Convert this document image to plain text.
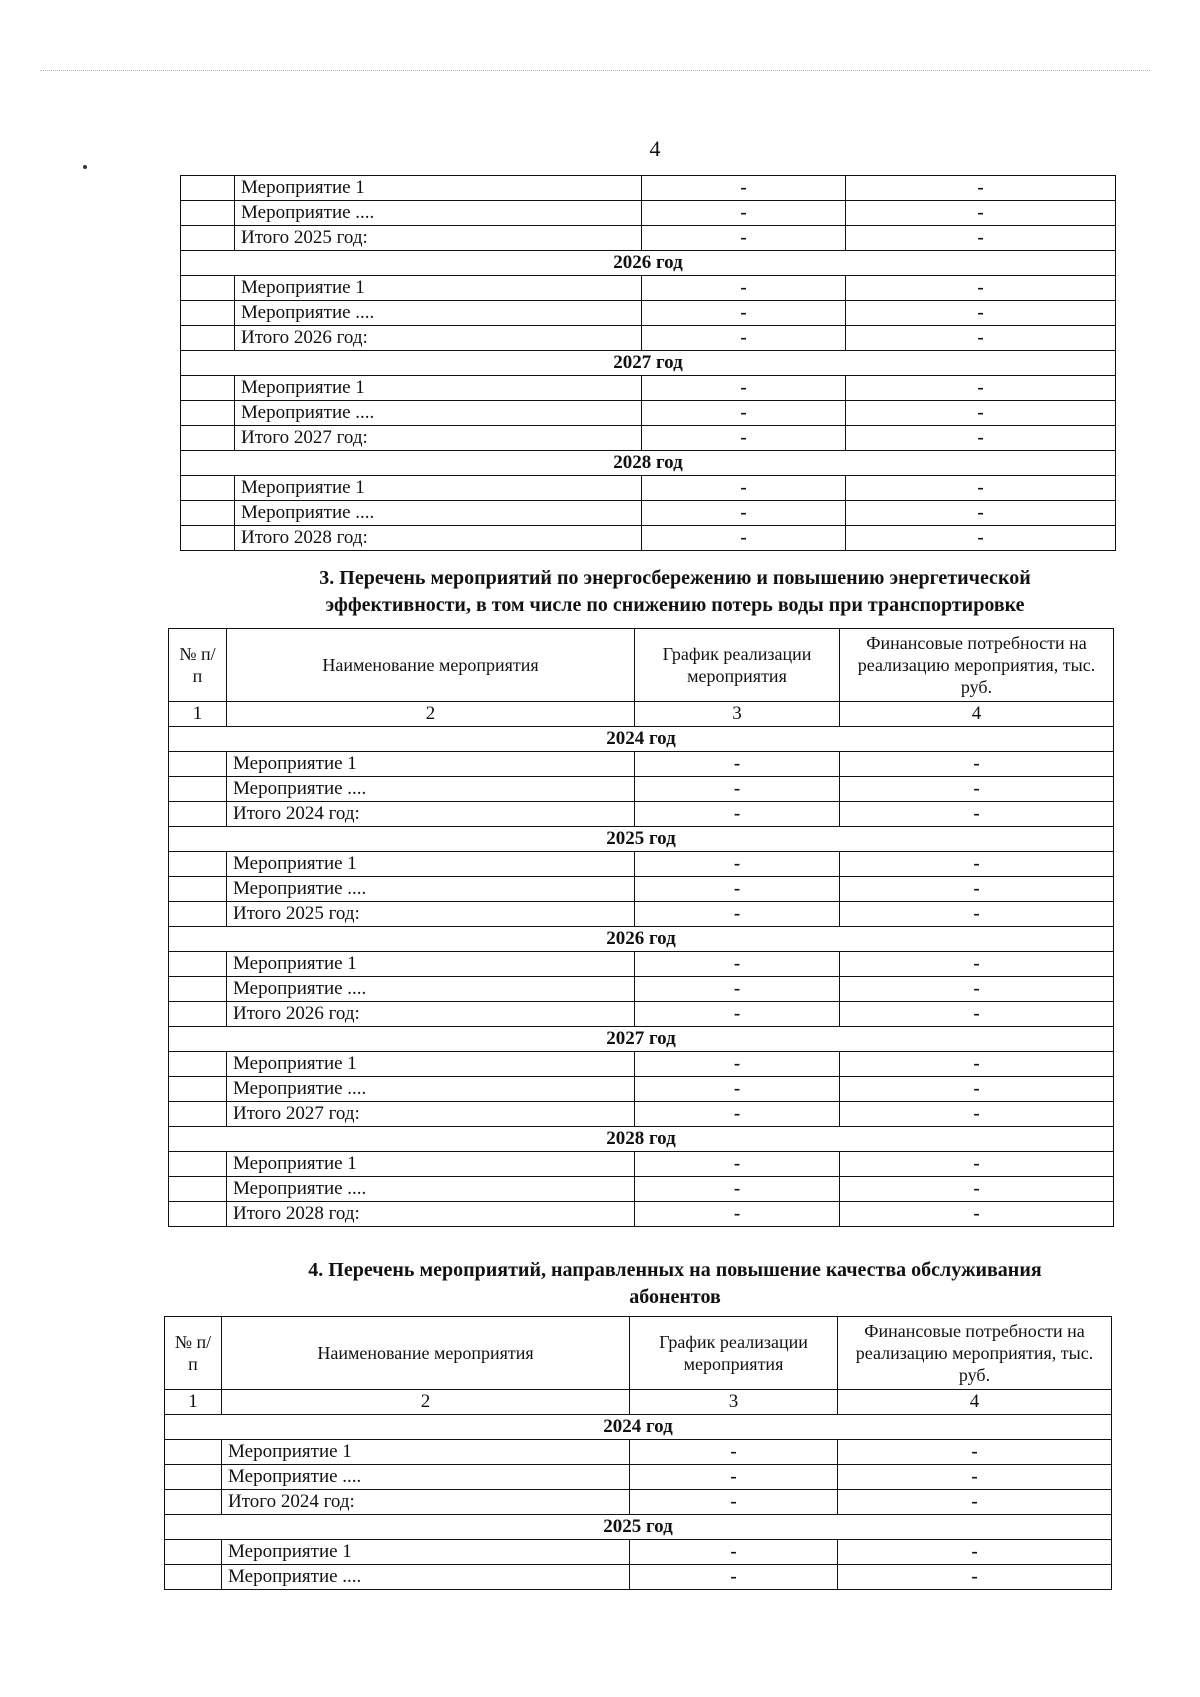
4
	Мероприятие 1	-	-
	Мероприятие ....	-	-
	Итого 2025 год:	-	-
2026 год			
	Мероприятие 1	-	-
	Мероприятие ....	-	-
	Итого 2026 год:	-	-
2027 год			
	Мероприятие 1	-	-
	Мероприятие ....	-	-
	Итого 2027 год:	-	-
2028 год			
	Мероприятие 1	-	-
	Мероприятие ....	-	-
	Итого 2028 год:	-	-
3. Перечень мероприятий по энергосбережению и повышению энергетической
эффективности, в том числе по снижению потерь воды при транспортировке
№ п/п	Наименование мероприятия	График реализации мероприятия	Финансовые потребности на реализацию мероприятия, тыс. руб.
1	2	3	4
2024 год			
	Мероприятие 1	-	-
	Мероприятие ....	-	-
	Итого 2024 год:	-	-
2025 год			
	Мероприятие 1	-	-
	Мероприятие ....	-	-
	Итого 2025 год:	-	-
2026 год			
	Мероприятие 1	-	-
	Мероприятие ....	-	-
	Итого 2026 год:	-	-
2027 год			
	Мероприятие 1	-	-
	Мероприятие ....	-	-
	Итого 2027 год:	-	-
2028 год			
	Мероприятие 1	-	-
	Мероприятие ....	-	-
	Итого 2028 год:	-	-
4. Перечень мероприятий, направленных на повышение качества обслуживания
абонентов
№ п/п	Наименование мероприятия	График реализации мероприятия	Финансовые потребности на реализацию мероприятия, тыс. руб.
1	2	3	4
2024 год			
	Мероприятие 1	-	-
	Мероприятие ....	-	-
	Итого 2024 год:	-	-
2025 год			
	Мероприятие 1	-	-
	Мероприятие ....	-	-
